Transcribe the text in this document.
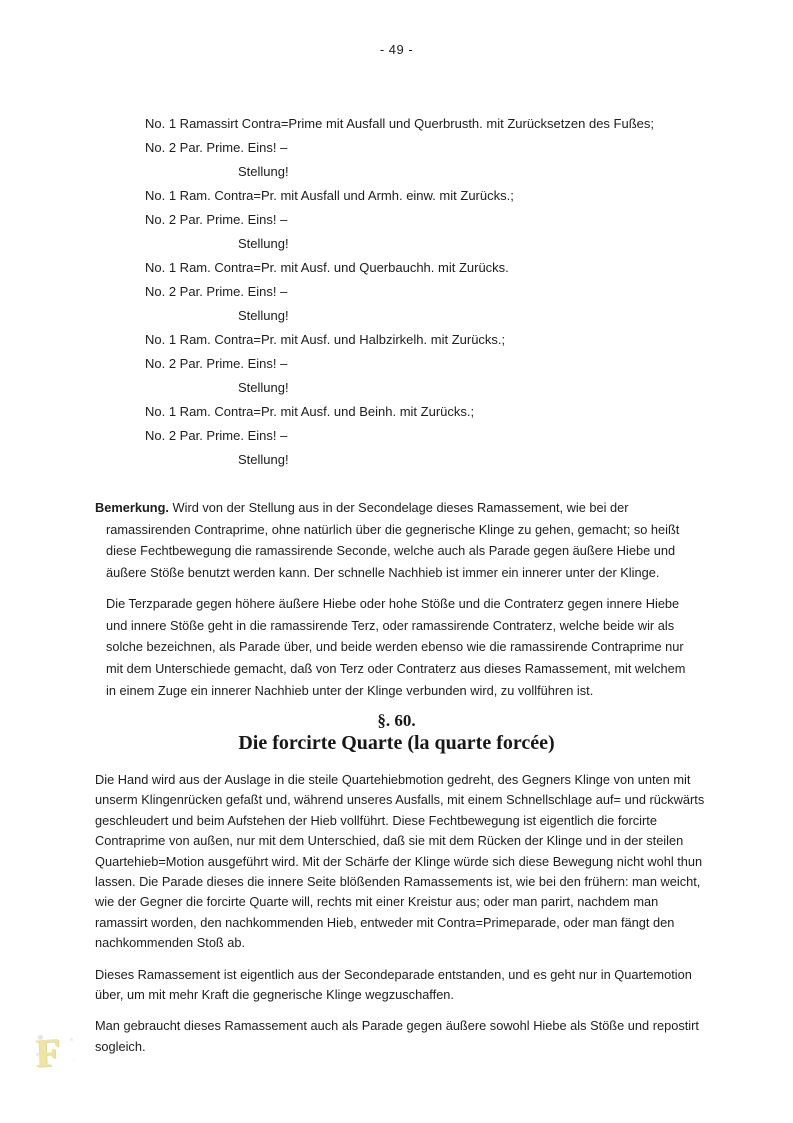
- 49 -
No. 1 Ramassirt Contra=Prime mit Ausfall und Querbrusth. mit Zurücksetzen des Fußes;
No. 2 Par. Prime. Eins! –
Stellung!
No. 1 Ram. Contra=Pr. mit Ausfall und Armh. einw. mit Zurücks.;
No. 2 Par. Prime. Eins! –
Stellung!
No. 1 Ram. Contra=Pr. mit Ausf. und Querbauchh. mit Zurücks.
No. 2 Par. Prime. Eins! –
Stellung!
No. 1 Ram. Contra=Pr. mit Ausf. und Halbzirkelh. mit Zurücks.;
No. 2 Par. Prime. Eins! –
Stellung!
No. 1 Ram. Contra=Pr. mit Ausf. und Beinh. mit Zurücks.;
No. 2 Par. Prime. Eins! –
Stellung!

Bemerkung. Wird von der Stellung aus in der Secondelage dieses Ramassement, wie bei der ramassirenden Contraprime, ohne natürlich über die gegnerische Klinge zu gehen, gemacht; so heißt diese Fechtbewegung die ramassirende Seconde, welche auch als Parade gegen äußere Hiebe und äußere Stöße benutzt werden kann. Der schnelle Nachhieb ist immer ein innerer unter der Klinge.

Die Terzparade gegen höhere äußere Hiebe oder hohe Stöße und die Contraterz gegen innere Hiebe und innere Stöße geht in die ramassirende Terz, oder ramassirende Contraterz, welche beide wir als solche bezeichnen, als Parade über, und beide werden ebenso wie die ramassirende Contraprime nur mit dem Unterschiede gemacht, daß von Terz oder Contraterz aus dieses Ramassement, mit welchem in einem Zuge ein innerer Nachhieb unter der Klinge verbunden wird, zu vollführen ist.

§. 60.
Die forcirte Quarte (la quarte forcée)

Die Hand wird aus der Auslage in die steile Quartehiebmotion gedreht, des Gegners Klinge von unten mit unserm Klingenrücken gefaßt und, während unseres Ausfalls, mit einem Schnellschlage auf= und rückwärts geschleudert und beim Aufstehen der Hieb vollführt. Diese Fechtbewegung ist eigentlich die forcirte Contraprime von außen, nur mit dem Unterschied, daß sie mit dem Rücken der Klinge und in der steilen Quartehieb=Motion ausgeführt wird. Mit der Schärfe der Klinge würde sich diese Bewegung nicht wohl thun lassen. Die Parade dieses die innere Seite blößenden Ramassements ist, wie bei den frühern: man weicht, wie der Gegner die forcirte Quarte will, rechts mit einer Kreistur aus; oder man parirt, nachdem man ramassirt worden, den nachkommenden Hieb, entweder mit Contra=Primeparade, oder man fängt den nachkommenden Stoß ab.

Dieses Ramassement ist eigentlich aus der Secondeparade entstanden, und es geht nur in Quartemotion über, um mit mehr Kraft die gegnerische Klinge wegzuschaffen.

Man gebraucht dieses Ramassement auch als Parade gegen äußere sowohl Hiebe als Stöße und repostirt sogleich.

F
